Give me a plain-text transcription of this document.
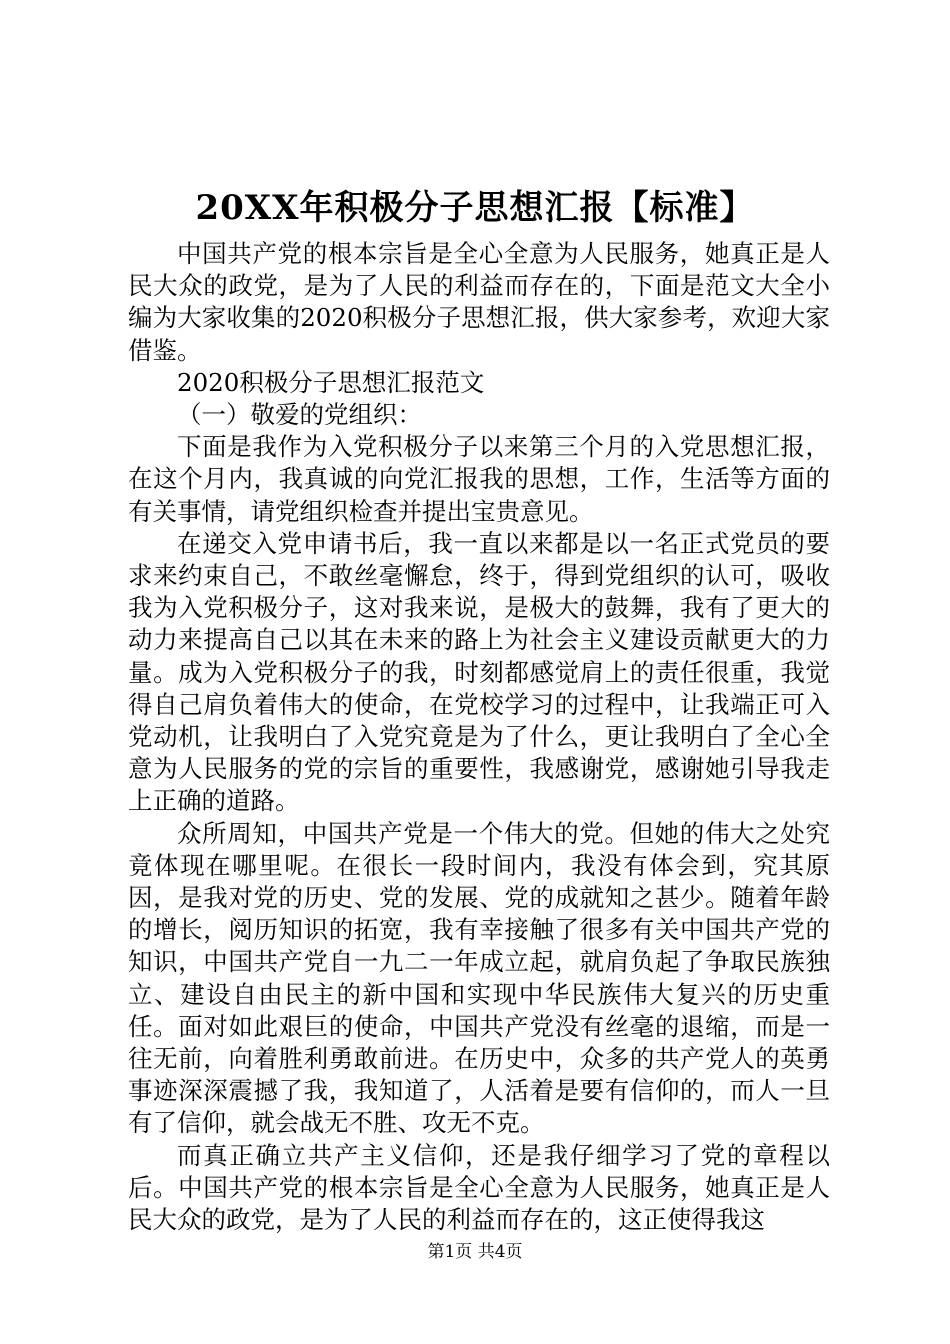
20XX年积极分子思想汇报【标准】

中国共产党的根本宗旨是全心全意为人民服务，她真正是人民大众的政党，是为了人民的利益而存在的，下面是范文大全小编为大家收集的2020积极分子思想汇报，供大家参考，欢迎大家借鉴。

2020积极分子思想汇报范文

（一）敬爱的党组织：

下面是我作为入党积极分子以来第三个月的入党思想汇报，在这个月内，我真诚的向党汇报我的思想，工作，生活等方面的有关事情，请党组织检查并提出宝贵意见。

在递交入党申请书后，我一直以来都是以一名正式党员的要求来约束自己，不敢丝毫懈怠，终于，得到党组织的认可，吸收我为入党积极分子，这对我来说，是极大的鼓舞，我有了更大的动力来提高自己以其在未来的路上为社会主义建设贡献更大的力量。成为入党积极分子的我，时刻都感觉肩上的责任很重，我觉得自己肩负着伟大的使命，在党校学习的过程中，让我端正可入党动机，让我明白了入党究竟是为了什么，更让我明白了全心全意为人民服务的党的宗旨的重要性，我感谢党，感谢她引导我走上正确的道路。

众所周知，中国共产党是一个伟大的党。但她的伟大之处究竟体现在哪里呢。在很长一段时间内，我没有体会到，究其原因，是我对党的历史、党的发展、党的成就知之甚少。随着年龄的增长，阅历知识的拓宽，我有幸接触了很多有关中国共产党的知识，中国共产党自一九二一年成立起，就肩负起了争取民族独立、建设自由民主的新中国和实现中华民族伟大复兴的历史重任。面对如此艰巨的使命，中国共产党没有丝毫的退缩，而是一往无前，向着胜利勇敢前进。在历史中，众多的共产党人的英勇事迹深深震撼了我，我知道了，人活着是要有信仰的，而人一旦有了信仰，就会战无不胜、攻无不克。

而真正确立共产主义信仰，还是我仔细学习了党的章程以后。中国共产党的根本宗旨是全心全意为人民服务，她真正是人民大众的政党，是为了人民的利益而存在的，这正使得我这

第1页 共4页
